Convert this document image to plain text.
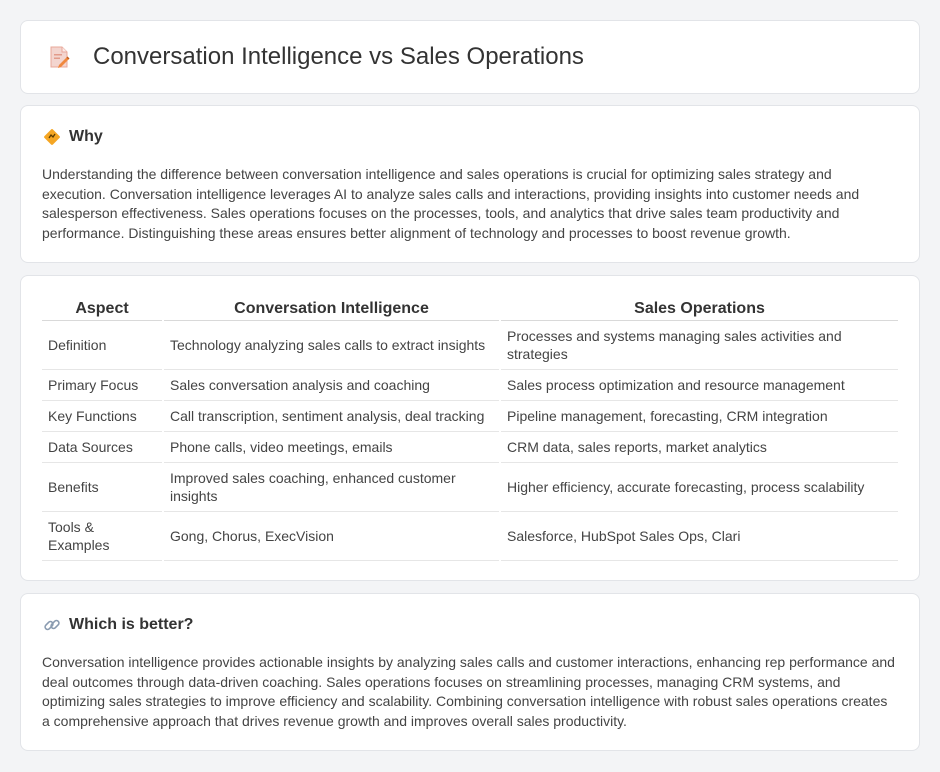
Conversation Intelligence vs Sales Operations
Why

Understanding the difference between conversation intelligence and sales operations is crucial for optimizing sales strategy and execution. Conversation intelligence leverages AI to analyze sales calls and interactions, providing insights into customer needs and salesperson effectiveness. Sales operations focuses on the processes, tools, and analytics that drive sales team productivity and performance. Distinguishing these areas ensures better alignment of technology and processes to boost revenue growth.

Aspect	Conversation Intelligence	Sales Operations
Definition	Technology analyzing sales calls to extract insights	Processes and systems managing sales activities and strategies
Primary Focus	Sales conversation analysis and coaching	Sales process optimization and resource management
Key Functions	Call transcription, sentiment analysis, deal tracking	Pipeline management, forecasting, CRM integration
Data Sources	Phone calls, video meetings, emails	CRM data, sales reports, market analytics
Benefits	Improved sales coaching, enhanced customer insights	Higher efficiency, accurate forecasting, process scalability
Tools & Examples	Gong, Chorus, ExecVision	Salesforce, HubSpot Sales Ops, Clari
Which is better?

Conversation intelligence provides actionable insights by analyzing sales calls and customer interactions, enhancing rep performance and deal outcomes through data-driven coaching. Sales operations focuses on streamlining processes, managing CRM systems, and optimizing sales strategies to improve efficiency and scalability. Combining conversation intelligence with robust sales operations creates a comprehensive approach that drives revenue growth and improves overall sales productivity.
